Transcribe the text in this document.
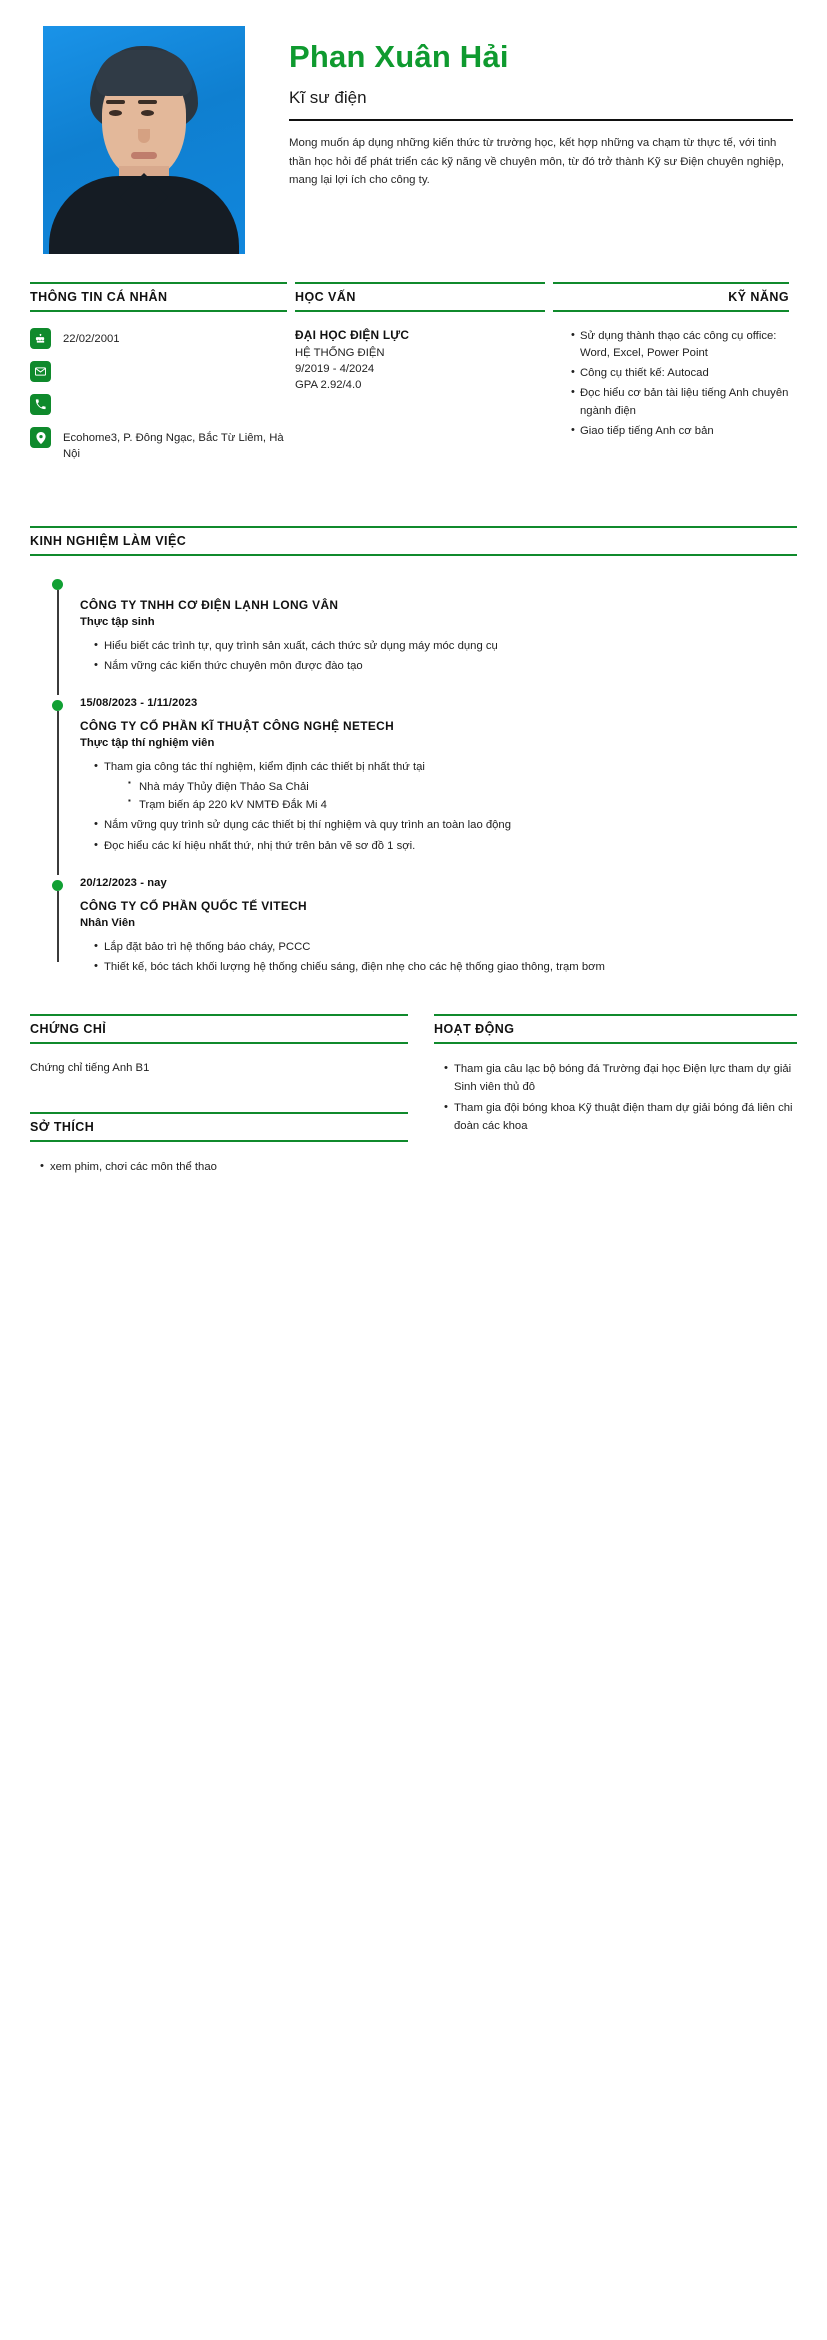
Phan Xuân Hải
Kĩ sư điện

Mong muốn áp dụng những kiến thức từ trường học, kết hợp những va chạm từ thực tế, với tinh thần học hỏi để phát triển các kỹ năng về chuyên môn, từ đó trở thành Kỹ sư Điện chuyên nghiệp, mang lại lợi ích cho công ty.

THÔNG TIN CÁ NHÂN
22/02/2001
Ecohome3, P. Đông Ngạc, Bắc Từ Liêm, Hà Nội
HỌC VẤN
ĐẠI HỌC ĐIỆN LỰC
HỆ THỐNG ĐIỆN
9/2019 - 4/2024
GPA 2.92/4.0
KỸ NĂNG
• Sử dụng thành thạo các công cụ office: Word, Excel, Power Point
• Công cụ thiết kế: Autocad
• Đọc hiểu cơ bản tài liệu tiếng Anh chuyên ngành điện
• Giao tiếp tiếng Anh cơ bản
KINH NGHIỆM LÀM VIỆC
CÔNG TY TNHH CƠ ĐIỆN LẠNH LONG VÂN
Thực tập sinh
• Hiểu biết các trình tự, quy trình sản xuất, cách thức sử dụng máy móc dụng cụ
• Nắm vững các kiến thức chuyên môn được đào tạo
15/08/2023 - 1/11/2023
CÔNG TY CỔ PHẦN KĨ THUẬT CÔNG NGHỆ NETECH
Thực tập thí nghiệm viên
• Tham gia công tác thí nghiệm, kiểm định các thiết bị nhất thứ tại
▪ Nhà máy Thủy điện Thảo Sa Chải
▪ Trạm biến áp 220 kV NMTĐ Đắk Mi 4
• Nắm vững quy trình sử dụng các thiết bị thí nghiệm và quy trình an toàn lao động
• Đọc hiểu các kí hiệu nhất thứ, nhị thứ trên bản vẽ sơ đồ 1 sợi.
20/12/2023 - nay
CÔNG TY CỔ PHẦN QUỐC TẾ VITECH
Nhân Viên
• Lắp đặt bảo trì hệ thống báo cháy, PCCC
• Thiết kế, bóc tách khối lượng hệ thống chiếu sáng, điện nhẹ cho các hệ thống giao thông, trạm bơm
CHỨNG CHỈ
Chứng chỉ tiếng Anh B1
SỞ THÍCH
• xem phim, chơi các môn thể thao
HOẠT ĐỘNG
• Tham gia câu lạc bộ bóng đá Trường đại học Điện lực tham dự giải Sinh viên thủ đô
• Tham gia đội bóng khoa Kỹ thuật điện tham dự giải bóng đá liên chi đoàn các khoa
